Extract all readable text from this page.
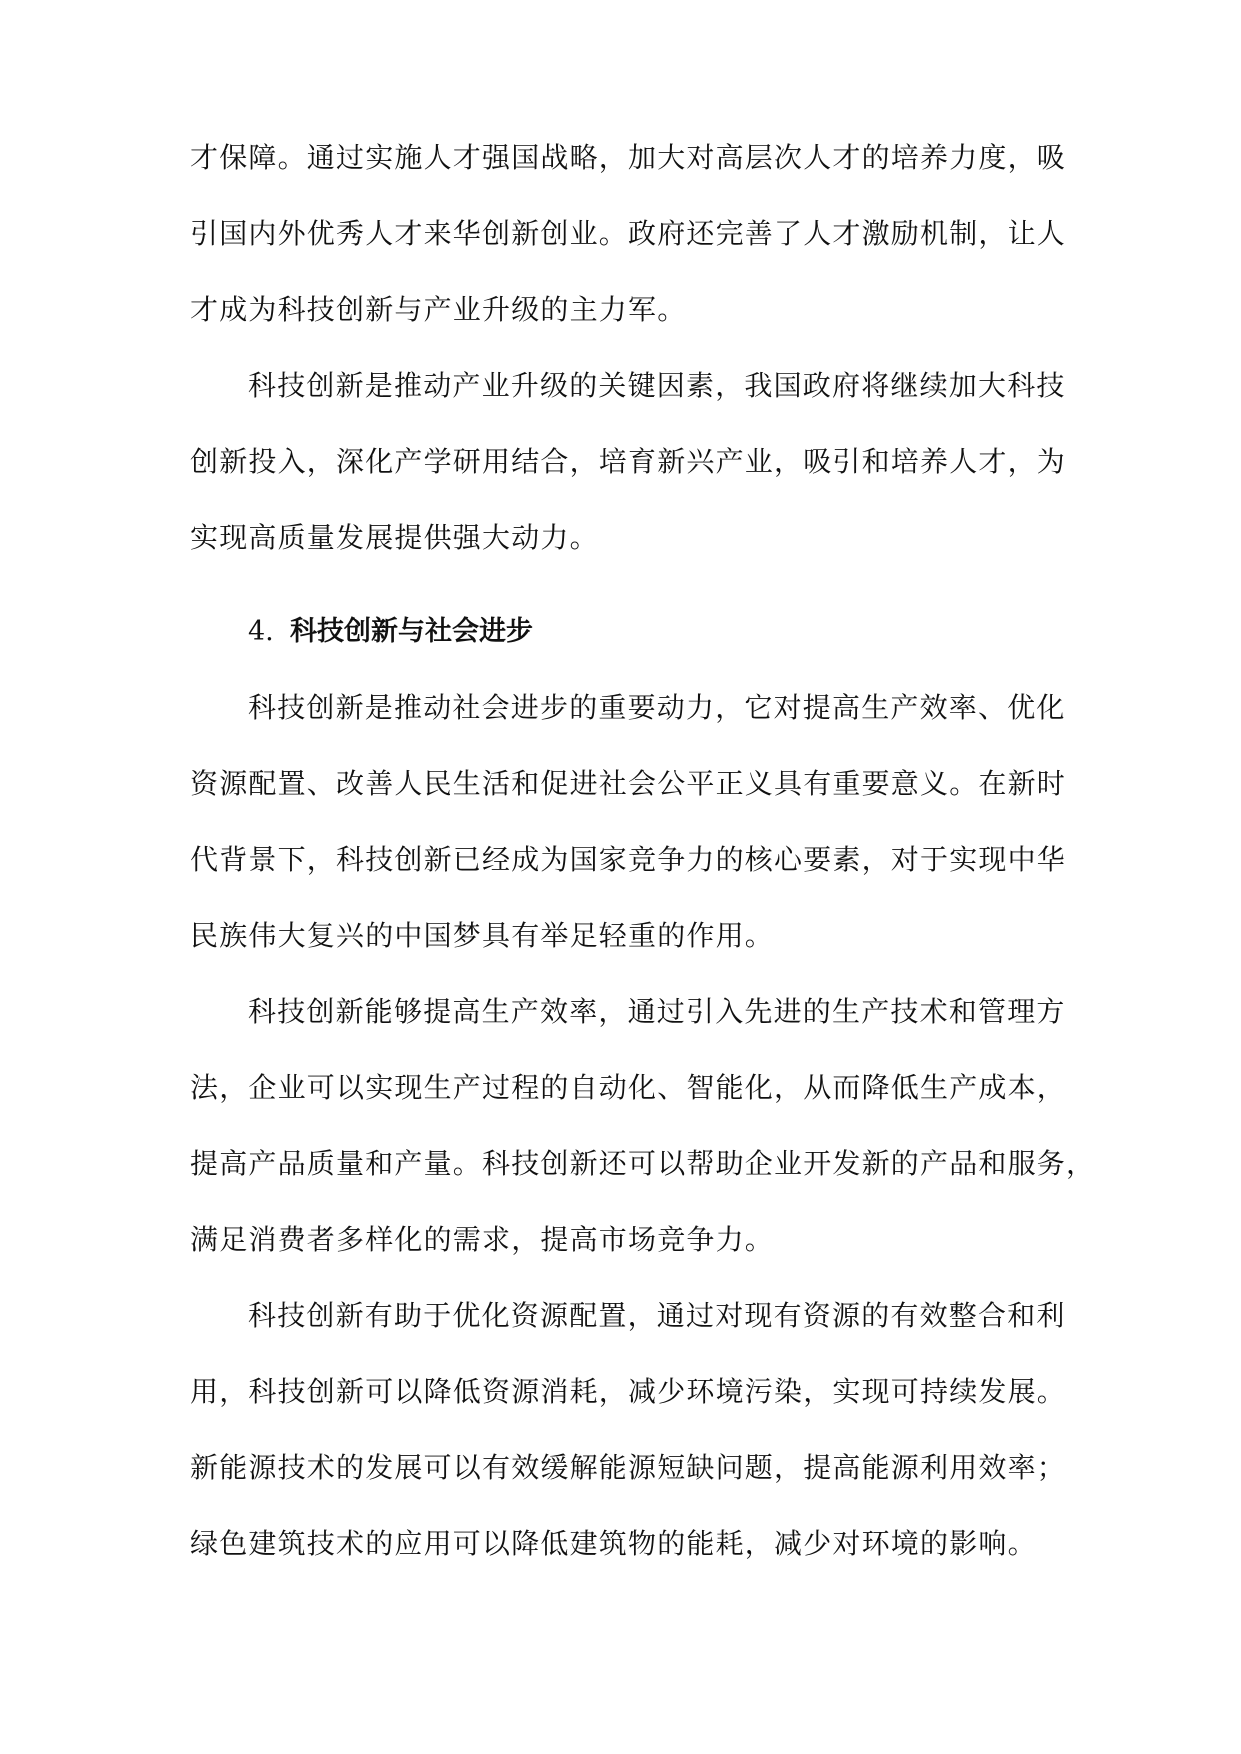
才保障。通过实施人才强国战略，加大对高层次人才的培养力度，吸
引国内外优秀人才来华创新创业。政府还完善了人才激励机制，让人
才成为科技创新与产业升级的主力军。
科技创新是推动产业升级的关键因素，我国政府将继续加大科技
创新投入，深化产学研用结合，培育新兴产业，吸引和培养人才，为
实现高质量发展提供强大动力。
4. 科技创新与社会进步
科技创新是推动社会进步的重要动力，它对提高生产效率、优化
资源配置、改善人民生活和促进社会公平正义具有重要意义。在新时
代背景下，科技创新已经成为国家竞争力的核心要素，对于实现中华
民族伟大复兴的中国梦具有举足轻重的作用。
科技创新能够提高生产效率，通过引入先进的生产技术和管理方
法，企业可以实现生产过程的自动化、智能化，从而降低生产成本，
提高产品质量和产量。科技创新还可以帮助企业开发新的产品和服务，
满足消费者多样化的需求，提高市场竞争力。
科技创新有助于优化资源配置，通过对现有资源的有效整合和利
用，科技创新可以降低资源消耗，减少环境污染，实现可持续发展。
新能源技术的发展可以有效缓解能源短缺问题，提高能源利用效率；
绿色建筑技术的应用可以降低建筑物的能耗，减少对环境的影响。
